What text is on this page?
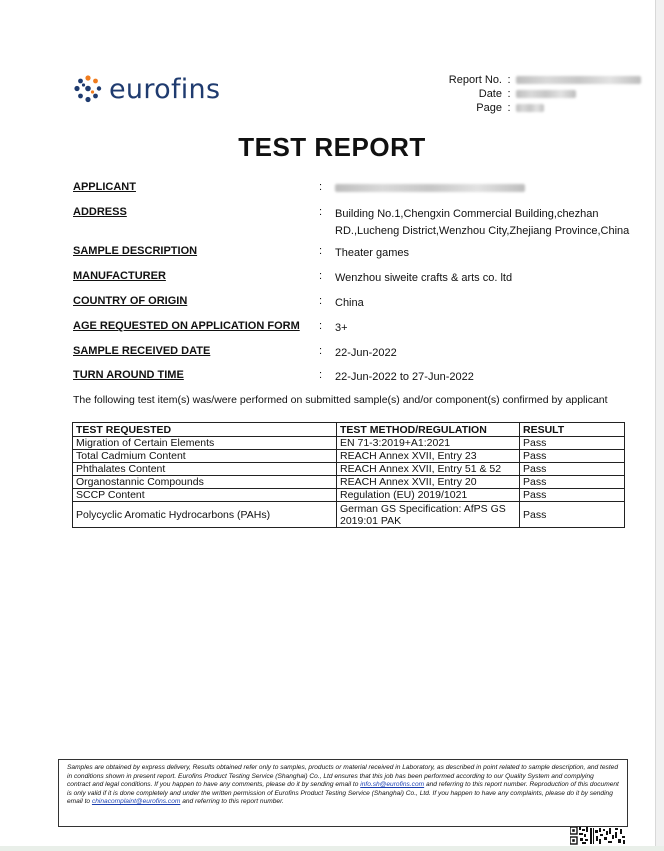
eurofins	Report No. :
Date :
Page :
TEST REPORT
APPLICANT	:
ADDRESS	: Building No.1,Chengxin Commercial Building,chezhan RD.,Lucheng District,Wenzhou City,Zhejiang Province,China
SAMPLE DESCRIPTION	: Theater games
MANUFACTURER	: Wenzhou siweite crafts & arts co. ltd
COUNTRY OF ORIGIN	: China
AGE REQUESTED ON APPLICATION FORM : 3+
SAMPLE RECEIVED DATE	: 22-Jun-2022
TURN AROUND TIME	: 22-Jun-2022 to 27-Jun-2022
The following test item(s) was/were performed on submitted sample(s) and/or component(s) confirmed by applicant
TEST REQUESTED	TEST METHOD/REGULATION	RESULT
Migration of Certain Elements	EN 71-3:2019+A1:2021	Pass
Total Cadmium Content	REACH Annex XVII, Entry 23	Pass
Phthalates Content	REACH Annex XVII, Entry 51 & 52	Pass
Organostannic Compounds	REACH Annex XVII, Entry 20	Pass
SCCP Content	Regulation (EU) 2019/1021	Pass
Polycyclic Aromatic Hydrocarbons (PAHs)	German GS Specification: AfPS GS 2019:01 PAK	Pass
Samples are obtained by express delivery, Results obtained refer only to samples, products or material received in Laboratory, as described in point related to sample description, and tested in conditions shown in present report. Eurofins Product Testing Service (Shanghai) Co., Ltd ensures that this job has been performed according to our Quality System and complying contract and legal conditions. If you happen to have any comments, please do it by sending email to info.sh@eurofins.com and referring to this report number. Reproduction of this document is only valid if it is done completely and under the written permission of Eurofins Product Testing Service (Shanghai) Co., Ltd. If you happen to have any complaints, please do it by sending email to chinacomplaint@eurofins.com and referring to this report number.
